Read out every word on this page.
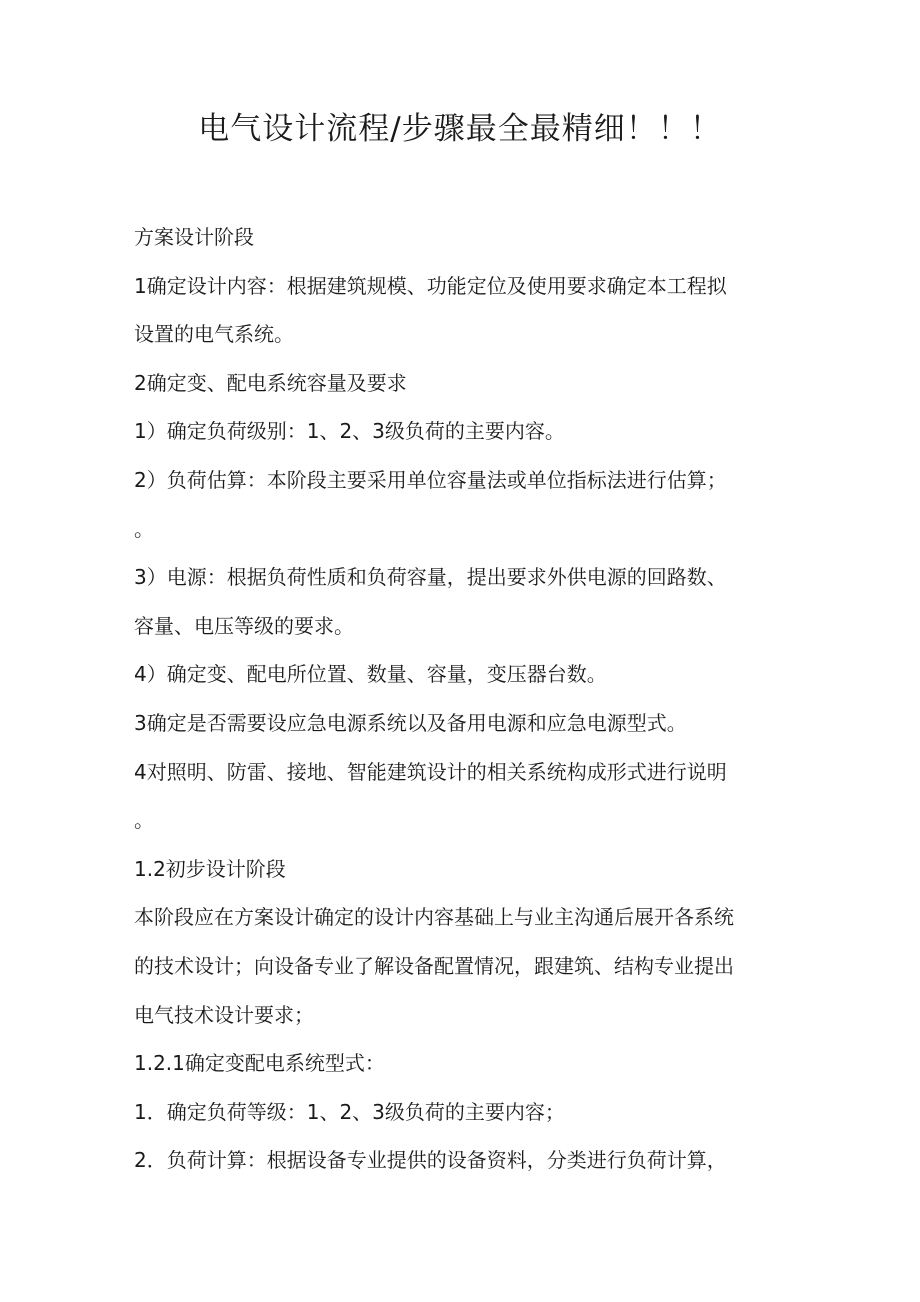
电气设计流程/步骤最全最精细！！！

方案设计阶段

1确定设计内容：根据建筑规模、功能定位及使用要求确定本工程拟

设置的电气系统。

2确定变、配电系统容量及要求

1）确定负荷级别：1、2、3级负荷的主要内容。

2）负荷估算：本阶段主要采用单位容量法或单位指标法进行估算；

。

3）电源：根据负荷性质和负荷容量，提出要求外供电源的回路数、

容量、电压等级的要求。

4）确定变、配电所位置、数量、容量，变压器台数。

3确定是否需要设应急电源系统以及备用电源和应急电源型式。

4对照明、防雷、接地、智能建筑设计的相关系统构成形式进行说明

。

1.2初步设计阶段

本阶段应在方案设计确定的设计内容基础上与业主沟通后展开各系统

的技术设计；向设备专业了解设备配置情况，跟建筑、结构专业提出

电气技术设计要求；

1.2.1确定变配电系统型式：

1．确定负荷等级：1、2、3级负荷的主要内容；

2．负荷计算：根据设备专业提供的设备资料，分类进行负荷计算，
